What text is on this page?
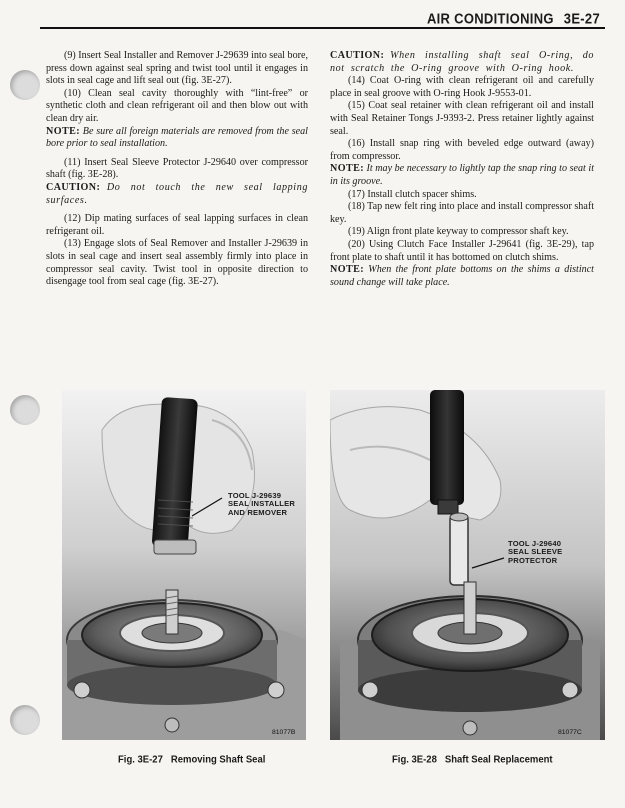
AIR CONDITIONING 3E-27

(9) Insert Seal Installer and Remover J-29639 into seal bore, press down against seal spring and twist tool until it engages in slots in seal cage and lift seal out (fig. 3E-27).

(10) Clean seal cavity thoroughly with “lint-free” or synthetic cloth and clean refrigerant oil and then blow out with clean dry air.

NOTE: Be sure all foreign materials are removed from the seal bore prior to seal installation.

(11) Insert Seal Sleeve Protector J-29640 over compressor shaft (fig. 3E-28).

CAUTION: Do not touch the new seal lapping surfaces.

(12) Dip mating surfaces of seal lapping surfaces in clean refrigerant oil.

(13) Engage slots of Seal Remover and Installer J-29639 in slots in seal cage and insert seal assembly firmly into place in compressor seal cavity. Twist tool in opposite direction to disengage tool from seal cage (fig. 3E-27).

CAUTION: When installing shaft seal O-ring, do not scratch the O-ring groove with O-ring hook.

(14) Coat O-ring with clean refrigerant oil and carefully place in seal groove with O-ring Hook J-9553-01.

(15) Coat seal retainer with clean refrigerant oil and install with Seal Retainer Tongs J-9393-2. Press retainer lightly against seal.

(16) Install snap ring with beveled edge outward (away) from compressor.

NOTE: It may be necessary to lightly tap the snap ring to seat it in its groove.

(17) Install clutch spacer shims.

(18) Tap new felt ring into place and install compressor shaft key.

(19) Align front plate keyway to compressor shaft key.

(20) Using Clutch Face Installer J-29641 (fig. 3E-29), tap front plate to shaft until it has bottomed on clutch shims.

NOTE: When the front plate bottoms on the shims a distinct sound change will take place.

TOOL J-29639
SEAL INSTALLER
AND REMOVER
81077B
Fig. 3E-27 Removing Shaft Seal
TOOL J-29640
SEAL SLEEVE
PROTECTOR
81077C
Fig. 3E-28 Shaft Seal Replacement
